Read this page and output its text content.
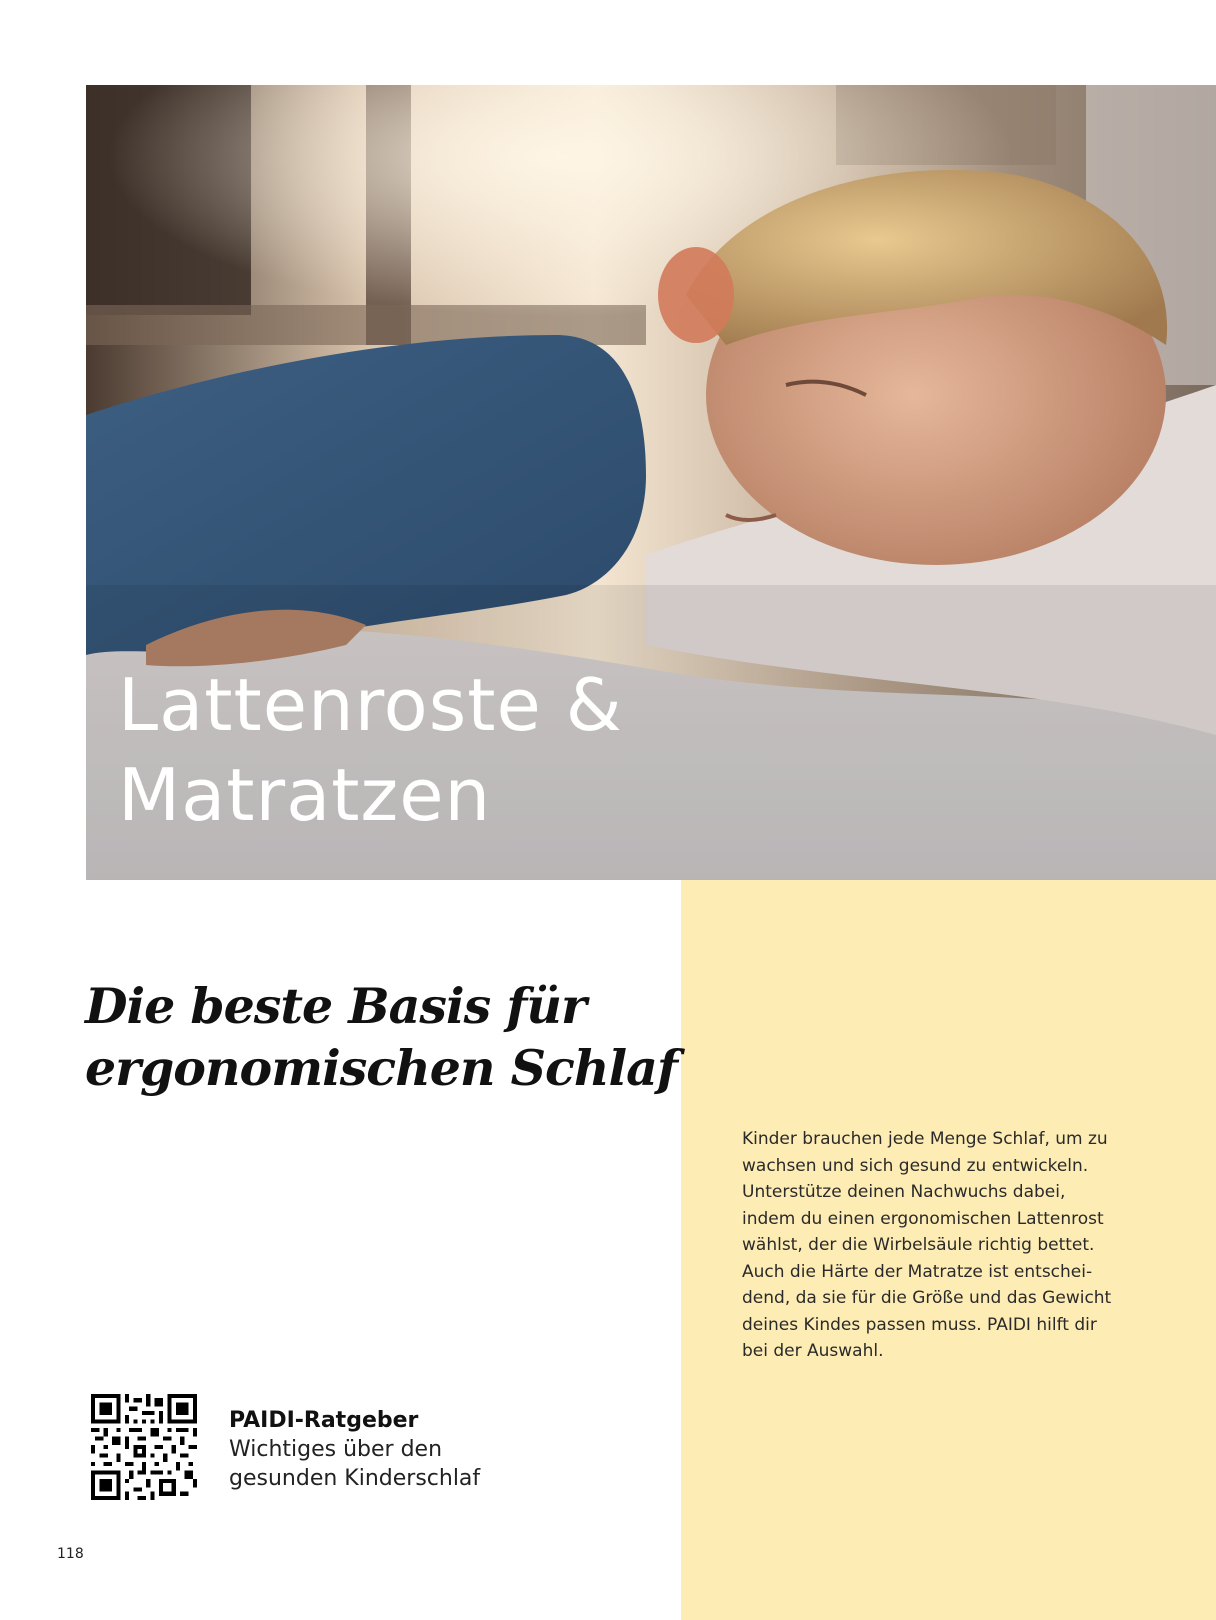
Lattenroste &
Matratzen
Die beste Basis für
ergonomischen Schlaf

Kinder brauchen jede Menge Schlaf, um zu
wachsen und sich gesund zu entwickeln.
Unterstütze deinen Nachwuchs dabei,
indem du einen ergonomischen Lattenrost
wählst, der die Wirbelsäule richtig bettet.
Auch die Härte der Matratze ist entschei-
dend, da sie für die Größe und das Gewicht
deines Kindes passen muss. PAIDI hilft dir
bei der Auswahl.

PAIDI-Ratgeber
Wichtiges über den
gesunden Kinderschlaf
118
